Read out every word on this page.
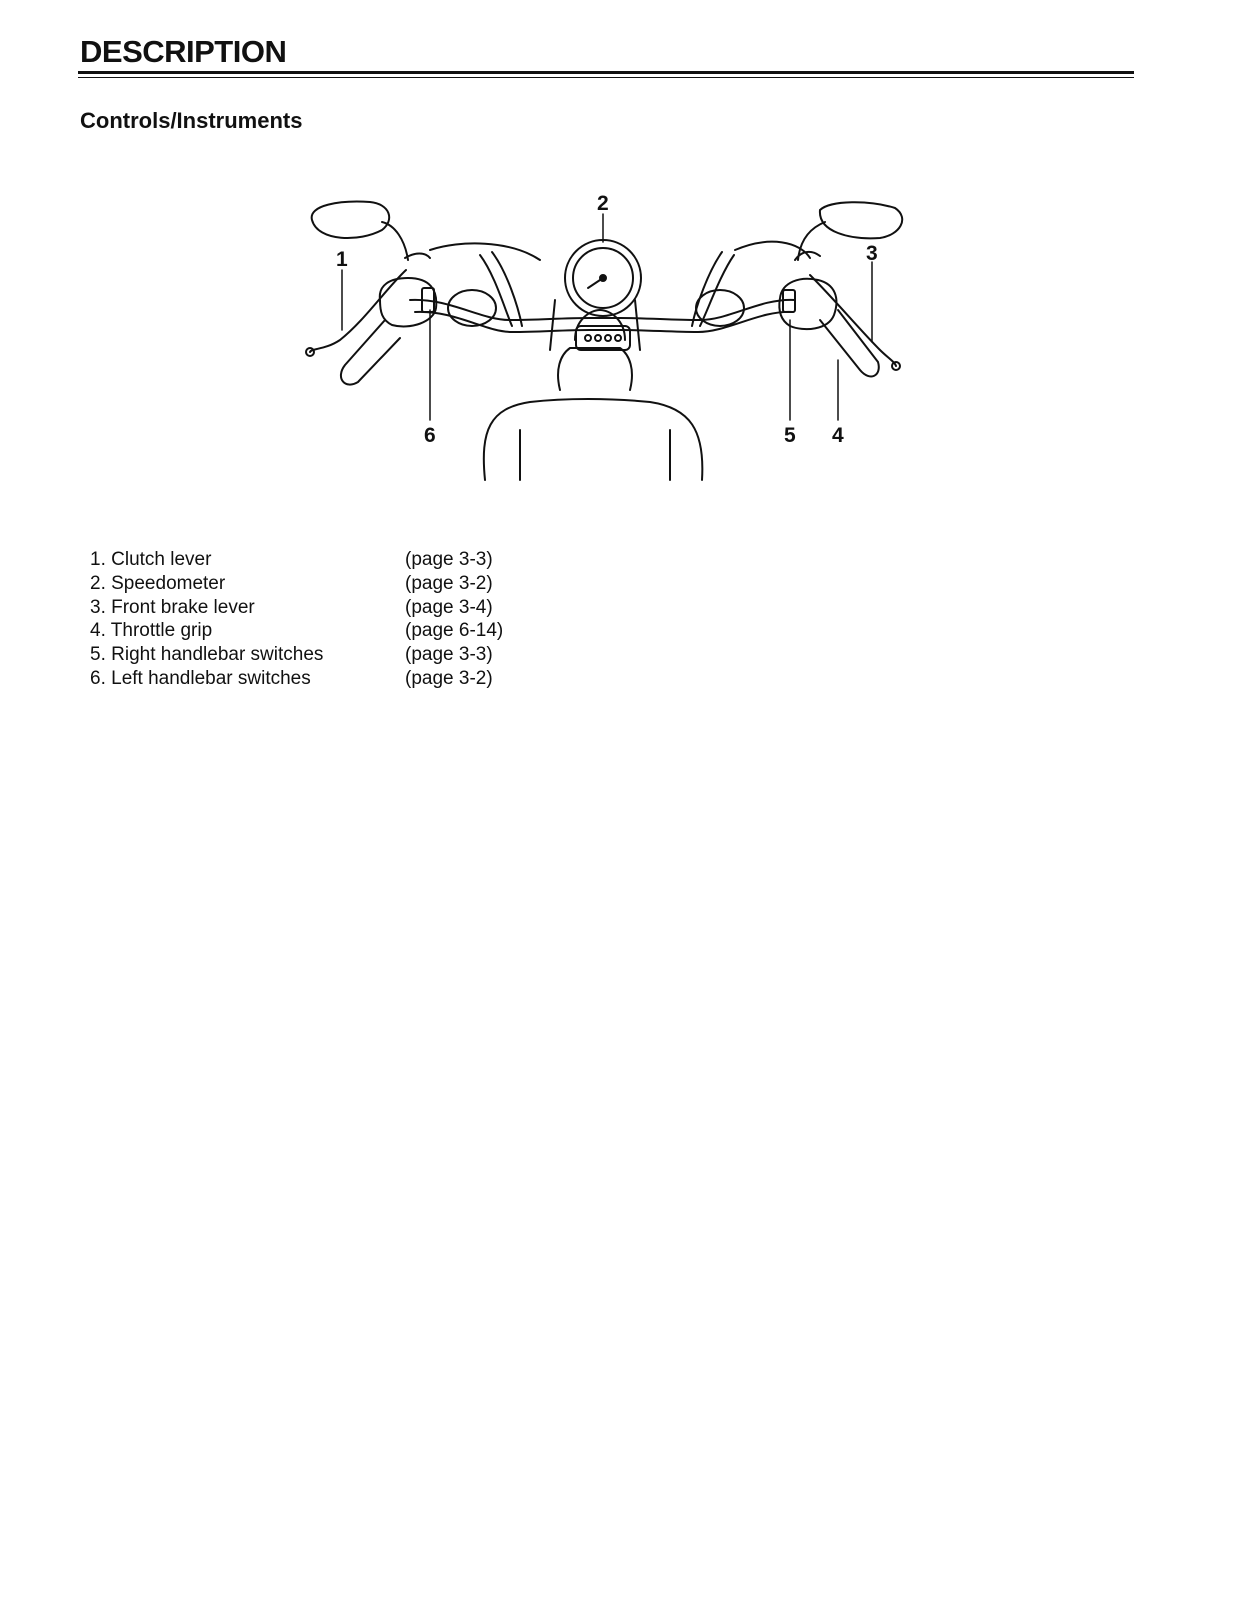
DESCRIPTION
Controls/Instruments
1
2
3
4
5
6
1. Clutch lever	(page 3-3)
2. Speedometer	(page 3-2)
3. Front brake lever	(page 3-4)
4. Throttle grip	(page 6-14)
5. Right handlebar switches	(page 3-3)
6. Left handlebar switches	(page 3-2)
